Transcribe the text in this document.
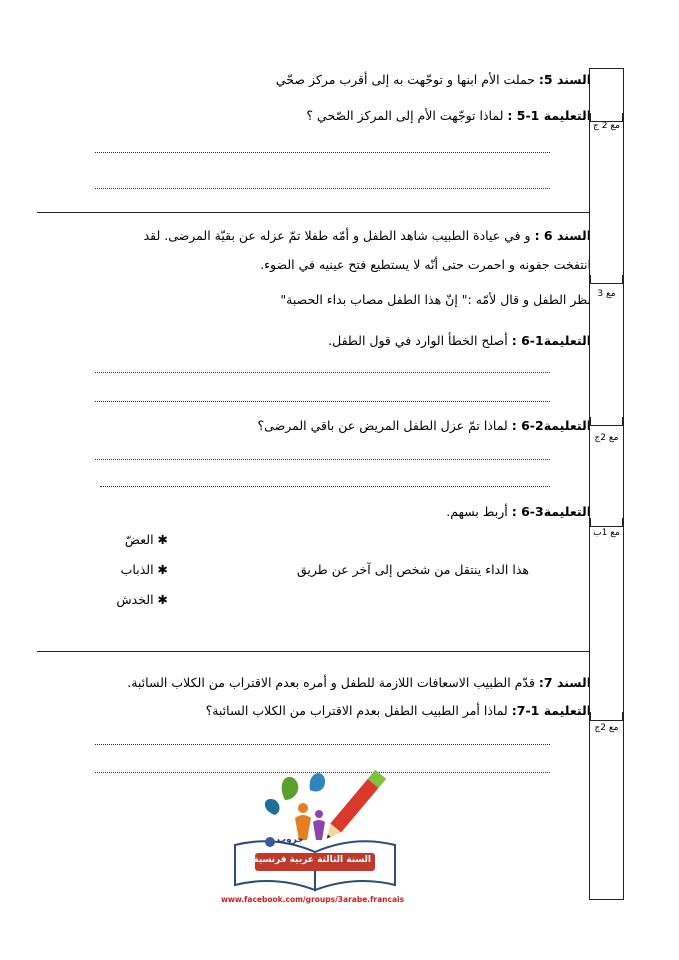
السند 5: حملت الأم ابنها و توجّهت به إلى أقرب مركز صحّي
التعليمة 1-5 : لماذا توجّهت الأم إلى المركز الصّحي ؟
السند 6 : و في عيادة الطبيب شاهد الطفل و أمّه طفلا تمّ عزله عن بقيّة المرضى. لقد
انتفخت جفونه و احمرت حتى أنّه لا يستطيع فتح عينيه في الضوء.
نظر الطفل و قال لأمّه :" إنّ هذا الطفل مصاب بداء الحصبة"
التعليمة1-6 : أصلح الخطأ الوارد في قول الطفل.
التعليمة2-6 : لماذا تمّ عزل الطفل المريض عن باقي المرضى؟
التعليمة3-6 : أربط بسهم.
هذا الداء ينتقل من شخص إلى آخر عن طريق
✱ العضّ
✱ الذباب
✱ الخدش
السند 7: قدّم الطبيب الاسعافات اللازمة للطفل و أمره بعدم الاقتراب من الكلاب السائبة.
التعليمة 1-7: لماذا أمر الطبيب الطفل بعدم الاقتراب من الكلاب السائبة؟
مع 2 ج
مع 3
مع 2ج
مع 1ب
مع 2ج
جروب
السنة الثالثة عربية فرنسية
www.facebook.com/groups/3arabe.francais
